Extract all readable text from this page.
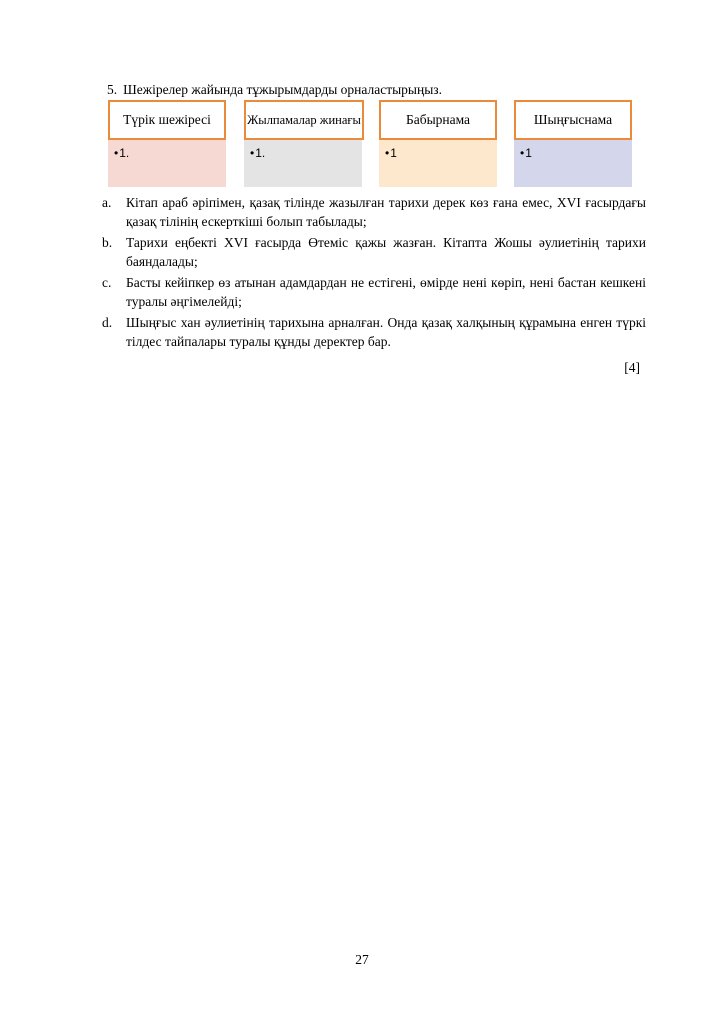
5. Шежірелер жайында тұжырымдарды орналастырыңыз.
Түрік шежіресі
•1.
Жылпамалар жинағы
•1.
Бабырнама
•1
Шыңғыснама
•1
a. Кітап араб әріпімен, қазақ тілінде жазылған тарихи дерек көз ғана емес, XVI ғасырдағы қазақ тілінің ескерткіші болып табылады;
b. Тарихи еңбекті XVI ғасырда Өтеміс қажы жазған. Кітапта Жошы әулиетінің тарихи баяндалады;
c. Басты кейіпкер өз атынан адамдардан не естігені, өмірде нені көріп, нені бастан кешкені туралы әңгімелейді;
d. Шыңғыс хан әулиетінің тарихына арналған. Онда қазақ халқының құрамына енген түркі тілдес тайпалары туралы құнды деректер бар.
[4]
27
